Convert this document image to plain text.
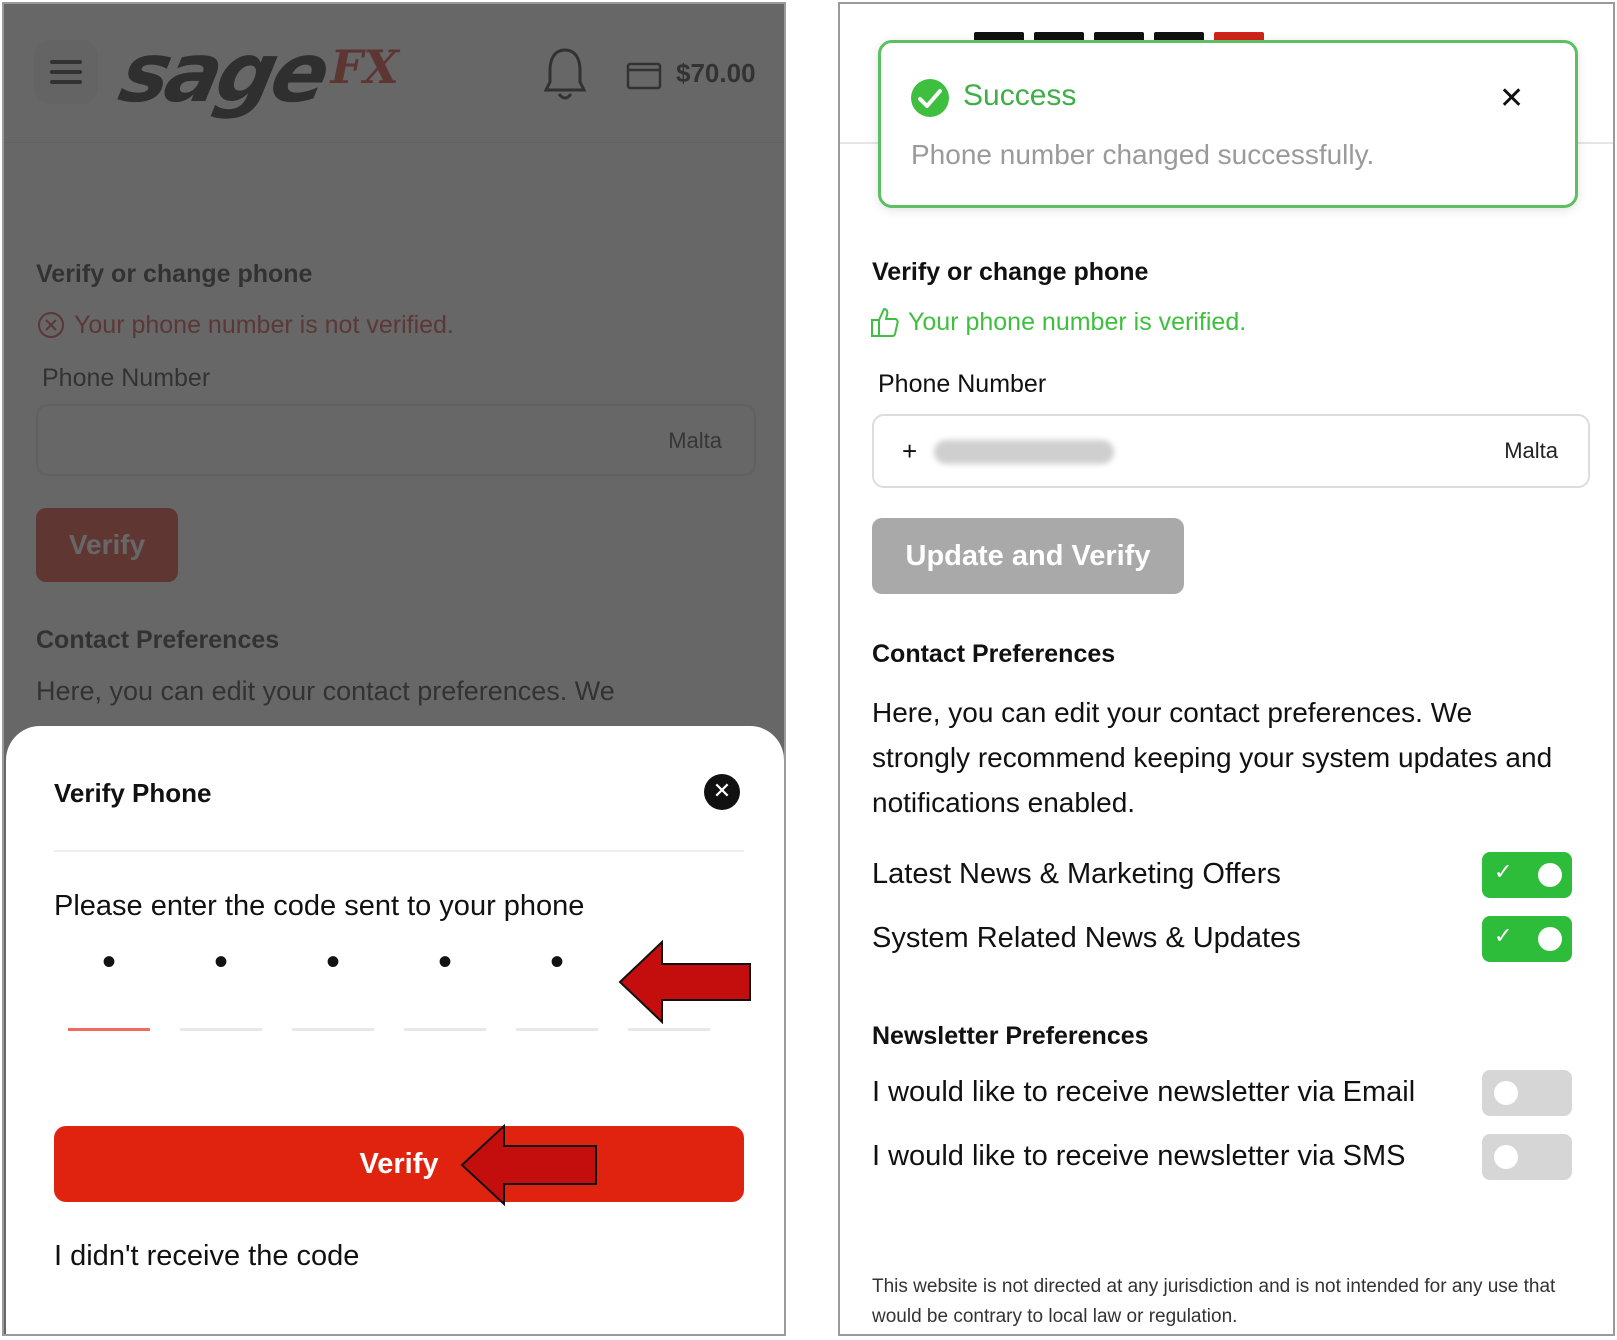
Verify Phone	✕
Please enter the code sent to your phone
•	•	•	•	•
Verify
I didn't receive the code
Success	✕
Phone number changed successfully.
Verify or change phone
Your phone number is verified.
Phone Number
+	Malta
Update and Verify
Contact Preferences
Here, you can edit your contact preferences. We strongly recommend keeping your system updates and notifications enabled.
Latest News & Marketing Offers	✓
System Related News & Updates	✓
Newsletter Preferences
I would like to receive newsletter via Email
I would like to receive newsletter via SMS
This website is not directed at any jurisdiction and is not intended for any use that would be contrary to local law or regulation.
